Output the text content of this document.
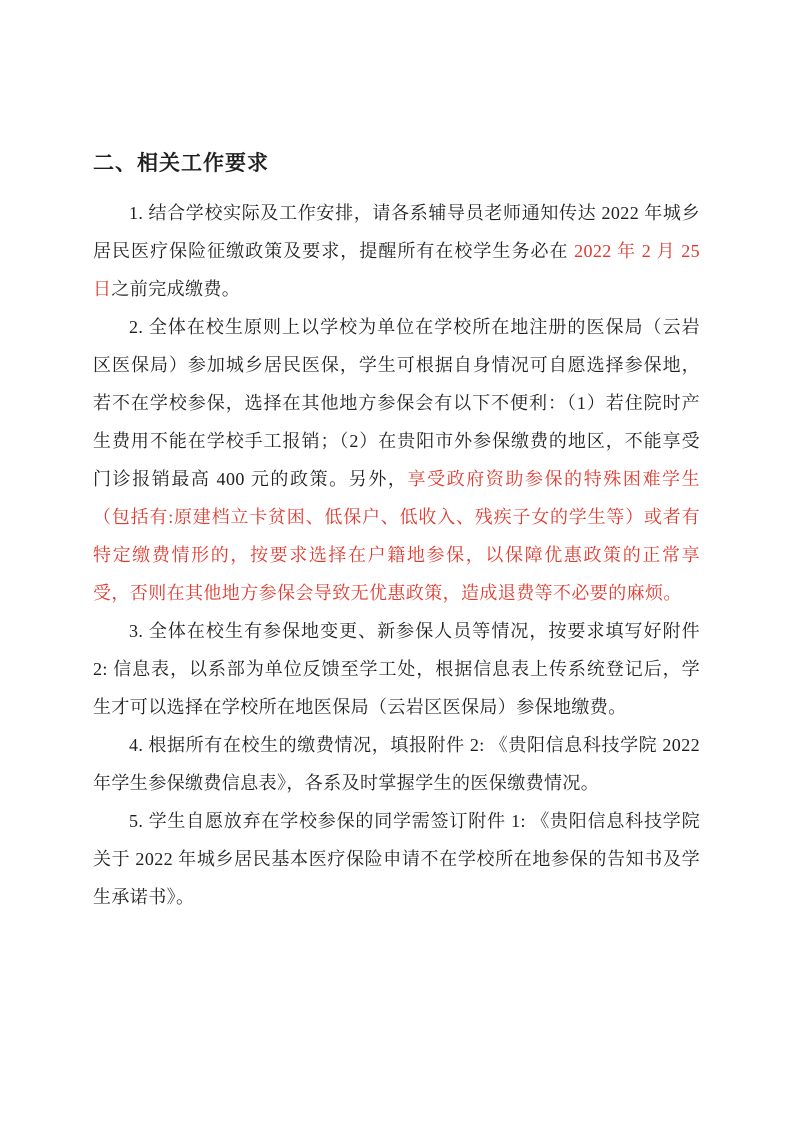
二、相关工作要求

1. 结合学校实际及工作安排，请各系辅导员老师通知传达 2022 年城乡居民医疗保险征缴政策及要求，提醒所有在校学生务必在 2022 年 2 月 25 日之前完成缴费。

2. 全体在校生原则上以学校为单位在学校所在地注册的医保局（云岩区医保局）参加城乡居民医保，学生可根据自身情况可自愿选择参保地，若不在学校参保，选择在其他地方参保会有以下不便利：（1）若住院时产生费用不能在学校手工报销；（2）在贵阳市外参保缴费的地区，不能享受门诊报销最高 400 元的政策。另外，享受政府资助参保的特殊困难学生（包括有:原建档立卡贫困、低保户、低收入、残疾子女的学生等）或者有特定缴费情形的，按要求选择在户籍地参保，以保障优惠政策的正常享受，否则在其他地方参保会导致无优惠政策，造成退费等不必要的麻烦。

3. 全体在校生有参保地变更、新参保人员等情况，按要求填写好附件 2: 信息表，以系部为单位反馈至学工处，根据信息表上传系统登记后，学生才可以选择在学校所在地医保局（云岩区医保局）参保地缴费。

4. 根据所有在校生的缴费情况，填报附件 2: 《贵阳信息科技学院 2022 年学生参保缴费信息表》，各系及时掌握学生的医保缴费情况。

5. 学生自愿放弃在学校参保的同学需签订附件 1: 《贵阳信息科技学院关于 2022 年城乡居民基本医疗保险申请不在学校所在地参保的告知书及学生承诺书》。
